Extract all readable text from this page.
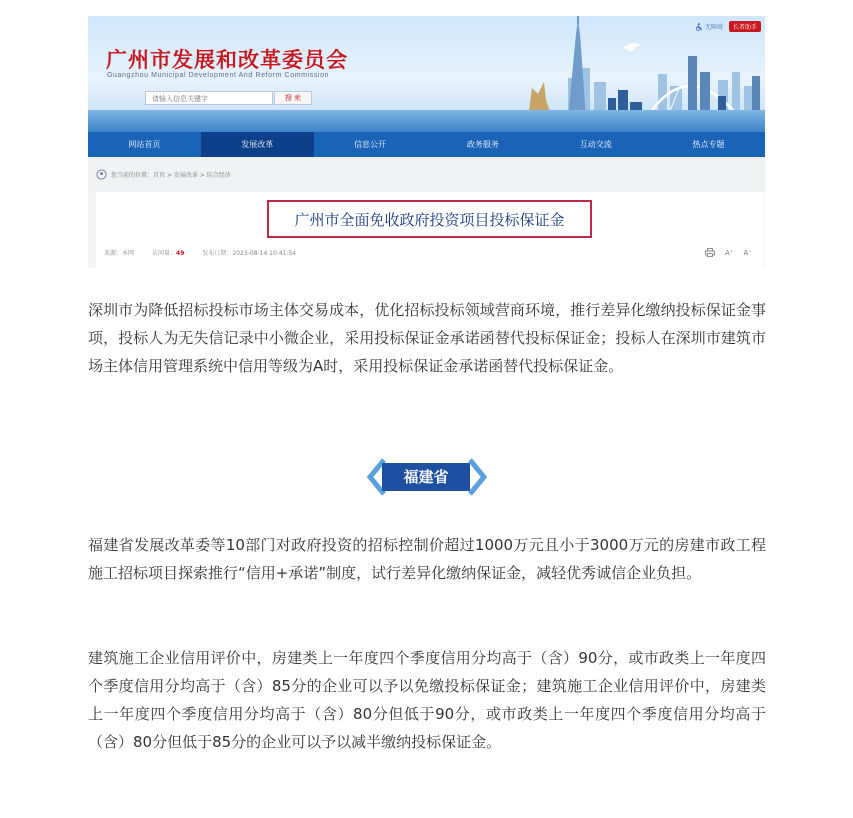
广州市发展和改革委员会
Guangzhou Municipal Development And Reform Commission
请输入信息关键字	搜 索
无障碍	长者助手
网站首页	发展改革	信息公开	政务服务	互动交流	热点专题
您当前的位置：首页 > 发展改革 > 综合经济
广州市全面免收政府投资项目投标保证金
来源：本网	访问量：49	发布日期：2023-08-14 10:41:54	A⁺ A⁻

深圳市为降低招标投标市场主体交易成本，优化招标投标领域营商环境，推行差异化缴纳投标保证金事项，投标人为无失信记录中小微企业，采用投标保证金承诺函替代投标保证金；投标人在深圳市建筑市场主体信用管理系统中信用等级为A时，采用投标保证金承诺函替代投标保证金。

福建省

福建省发展改革委等10部门对政府投资的招标控制价超过1000万元且小于3000万元的房建市政工程施工招标项目探索推行“信用+承诺”制度，试行差异化缴纳保证金，减轻优秀诚信企业负担。

建筑施工企业信用评价中，房建类上一年度四个季度信用分均高于（含）90分，或市政类上一年度四个季度信用分均高于（含）85分的企业可以予以免缴投标保证金；建筑施工企业信用评价中，房建类上一年度四个季度信用分均高于（含）80分但低于90分，或市政类上一年度四个季度信用分均高于（含）80分但低于85分的企业可以予以减半缴纳投标保证金。
